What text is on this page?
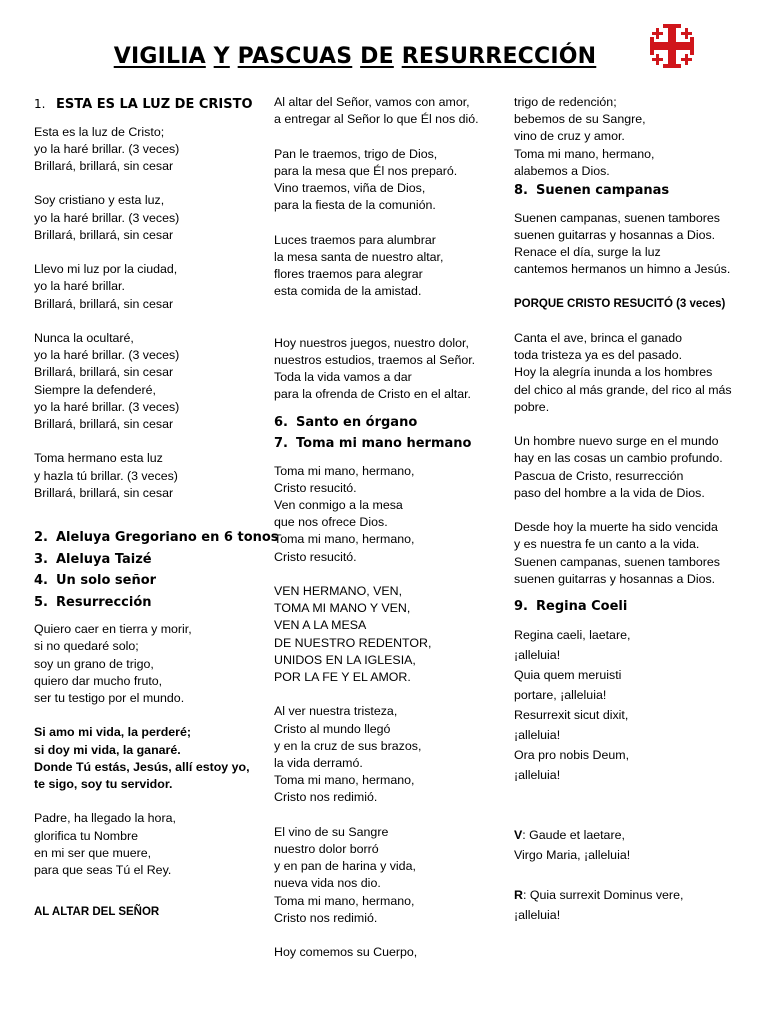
VIGILIA Y PASCUAS DE RESURRECCIÓN
1. ESTA ES LA LUZ DE CRISTO
Esta es la luz de Cristo;
yo la haré brillar. (3 veces)
Brillará, brillará, sin cesar
Soy cristiano y esta luz,
yo la haré brillar. (3 veces)
Brillará, brillará, sin cesar
Llevo mi luz por la ciudad,
yo la haré brillar.
Brillará, brillará, sin cesar
Nunca la ocultaré,
yo la haré brillar. (3 veces)
Brillará, brillará, sin cesar
Siempre la defenderé,
yo la haré brillar. (3 veces)
Brillará, brillará, sin cesar
Toma hermano esta luz
y hazla tú brillar. (3 veces)
Brillará, brillará, sin cesar
2. Aleluya Gregoriano en 6 tonos
3. Aleluya Taizé
4. Un solo señor
5. Resurrección
Quiero caer en tierra y morir,
si no quedaré solo;
soy un grano de trigo,
quiero dar mucho fruto,
ser tu testigo por el mundo.
Si amo mi vida, la perderé;
si doy mi vida, la ganaré.
Donde Tú estás, Jesús, allí estoy yo,
te sigo, soy tu servidor.
Padre, ha llegado la hora,
glorifica tu Nombre
en mi ser que muere,
para que seas Tú el Rey.
AL ALTAR DEL SEÑOR
Al altar del Señor, vamos con amor,
a entregar al Señor lo que Él nos dió.
Pan le traemos, trigo de Dios,
para la mesa que Él nos preparó.
Vino traemos, viña de Dios,
para la fiesta de la comunión.
Luces traemos para alumbrar
la mesa santa de nuestro altar,
flores traemos para alegrar
esta comida de la amistad.
Hoy nuestros juegos, nuestro dolor,
nuestros estudios, traemos al Señor.
Toda la vida vamos a dar
para la ofrenda de Cristo en el altar.
6. Santo en órgano
7. Toma mi mano hermano
Toma mi mano, hermano,
Cristo resucitó.
Ven conmigo a la mesa
que nos ofrece Dios.
Toma mi mano, hermano,
Cristo resucitó.
VEN HERMANO, VEN,
TOMA MI MANO Y VEN,
VEN A LA MESA
DE NUESTRO REDENTOR,
UNIDOS EN LA IGLESIA,
POR LA FE Y EL AMOR.
Al ver nuestra tristeza,
Cristo al mundo llegó
y en la cruz de sus brazos,
la vida derramó.
Toma mi mano, hermano,
Cristo nos redimió.
El vino de su Sangre
nuestro dolor borró
y en pan de harina y vida,
nueva vida nos dio.
Toma mi mano, hermano,
Cristo nos redimió.
Hoy comemos su Cuerpo,
trigo de redención;
bebemos de su Sangre,
vino de cruz y amor.
Toma mi mano, hermano,
alabemos a Dios.
8. Suenen campanas
Suenen campanas, suenen tambores
suenen guitarras y hosannas a Dios.
Renace el día, surge la luz
cantemos hermanos un himno a Jesús.
PORQUE CRISTO RESUCITÓ (3 veces)
Canta el ave, brinca el ganado
toda tristeza ya es del pasado.
Hoy la alegría inunda a los hombres
del chico al más grande, del rico al más
pobre.
Un hombre nuevo surge en el mundo
hay en las cosas un cambio profundo.
Pascua de Cristo, resurrección
paso del hombre a la vida de Dios.
Desde hoy la muerte ha sido vencida
y es nuestra fe un canto a la vida.
Suenen campanas, suenen tambores
suenen guitarras y hosannas a Dios.
9. Regina Coeli
Regina caeli, laetare,
¡alleluia!
Quia quem meruisti
portare, ¡alleluia!
Resurrexit sicut dixit,
¡alleluia!
Ora pro nobis Deum,
¡alleluia!
V: Gaude et laetare,
Virgo Maria, ¡alleluia!
R: Quia surrexit Dominus vere,
¡alleluia!
